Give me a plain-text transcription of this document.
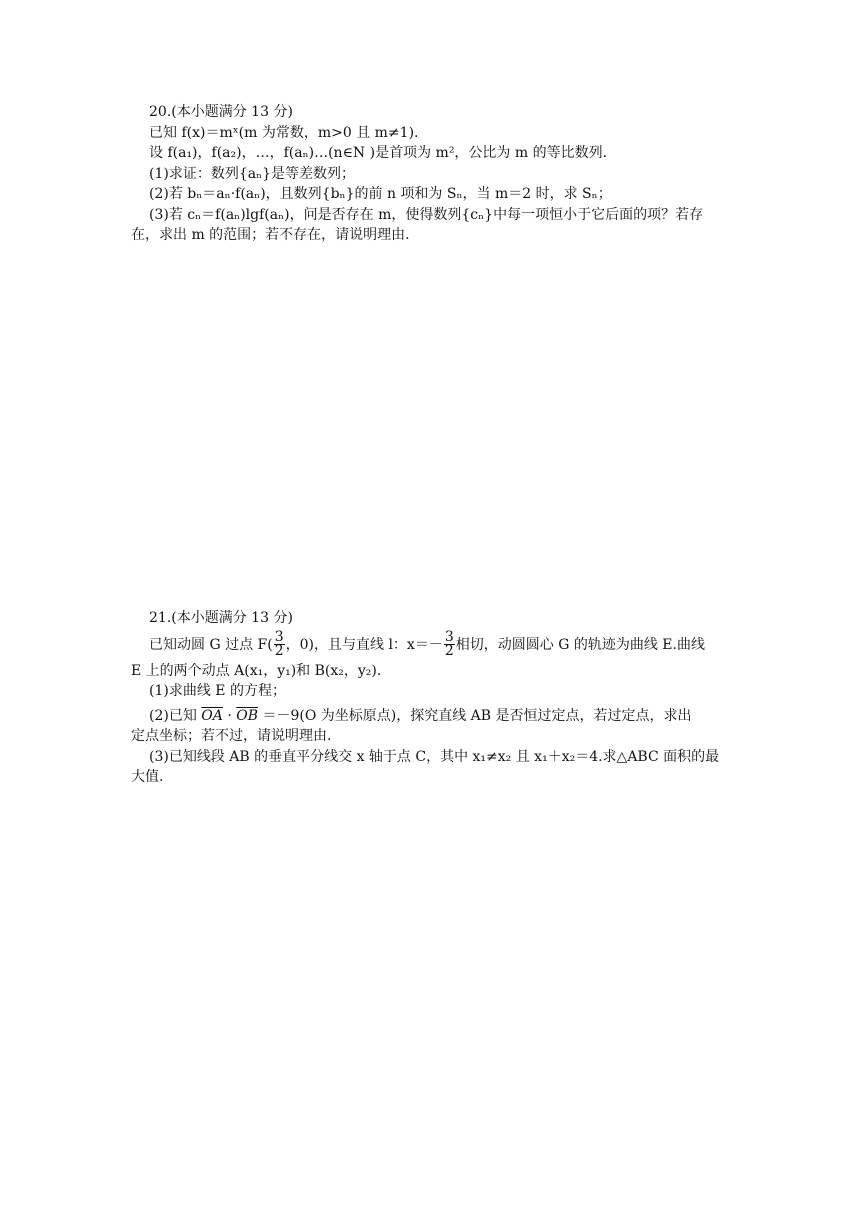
20.(本小题满分 13 分)
已知 f(x)＝mˣ(m 为常数，m>0 且 m≠1).
设 f(a₁)，f(a₂)，…，f(aₙ)…(n∈N )是首项为 m²，公比为 m 的等比数列.
(1)求证：数列{aₙ}是等差数列；
(2)若 bₙ＝aₙ·f(aₙ)，且数列{bₙ}的前 n 项和为 Sₙ，当 m＝2 时，求 Sₙ；
(3)若 cₙ＝f(aₙ)lgf(aₙ)，问是否存在 m，使得数列{cₙ}中每一项恒小于它后面的项？若存
在，求出 m 的范围；若不存在，请说明理由.
21.(本小题满分 13 分)
已知动圆 G 过点 $F( \frac{3}{2}$ ，0)，且与直线 l：$x=- \frac{3}{2}$ 相切，动圆圆心 G 的轨迹为曲线 E.曲线
E 上的两个动点 A(x₁，y₁)和 B(x₂，y₂).
(1)求曲线 E 的方程；
(2)已知 $\overline{OA} \cdot \overline{OB} =-9(O$ 为坐标原点)，探究直线 AB 是否恒过定点，若过定点，求出
定点坐标；若不过，请说明理由.
(3)已知线段 AB 的垂直平分线交 x 轴于点 C，其中 x₁≠x₂ 且 x₁＋x₂＝4.求△ABC 面积的最
大值.
